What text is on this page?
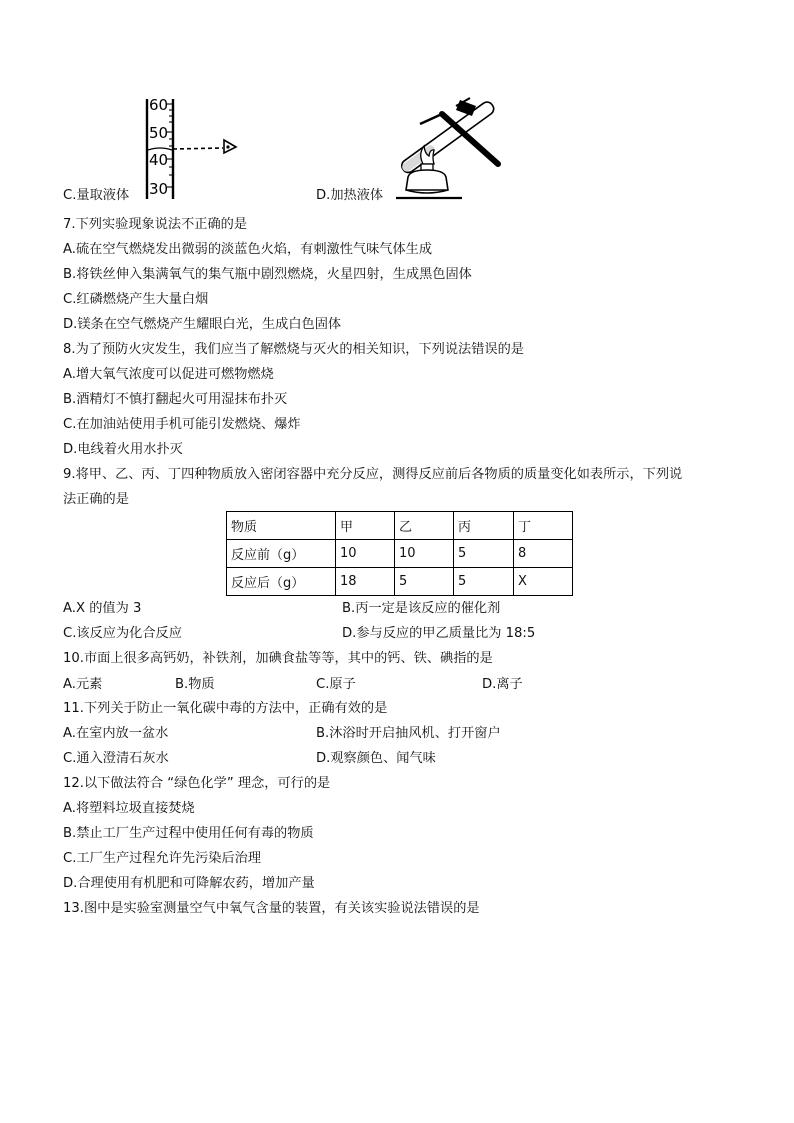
60
50
40
30
C.量取液体	D.加热液体
7.下列实验现象说法不正确的是
A.硫在空气燃烧发出微弱的淡蓝色火焰，有刺激性气味气体生成
B.将铁丝伸入集满氧气的集气瓶中剧烈燃烧，火星四射，生成黑色固体
C.红磷燃烧产生大量白烟
D.镁条在空气燃烧产生耀眼白光，生成白色固体
8.为了预防火灾发生，我们应当了解燃烧与灭火的相关知识，下列说法错误的是
A.增大氧气浓度可以促进可燃物燃烧
B.酒精灯不慎打翻起火可用湿抹布扑灭
C.在加油站使用手机可能引发燃烧、爆炸
D.电线着火用水扑灭
9.将甲、乙、丙、丁四种物质放入密闭容器中充分反应，测得反应前后各物质的质量变化如表所示，下列说
法正确的是
物质	甲	乙	丙	丁
反应前（g）	10	10	5	8
反应后（g）	18	5	5	X
A.X 的值为 3	B.丙一定是该反应的催化剂
C.该反应为化合反应	D.参与反应的甲乙质量比为 18:5
10.市面上很多高钙奶，补铁剂，加碘食盐等等，其中的钙、铁、碘指的是
A.元素	B.物质	C.原子	D.离子
11.下列关于防止一氧化碳中毒的方法中，正确有效的是
A.在室内放一盆水	B.沐浴时开启抽风机、打开窗户
C.通入澄清石灰水	D.观察颜色、闻气味
12.以下做法符合 “绿色化学” 理念，可行的是
A.将塑料垃圾直接焚烧
B.禁止工厂生产过程中使用任何有毒的物质
C.工厂生产过程允许先污染后治理
D.合理使用有机肥和可降解农药，增加产量
13.图中是实验室测量空气中氧气含量的装置，有关该实验说法错误的是
